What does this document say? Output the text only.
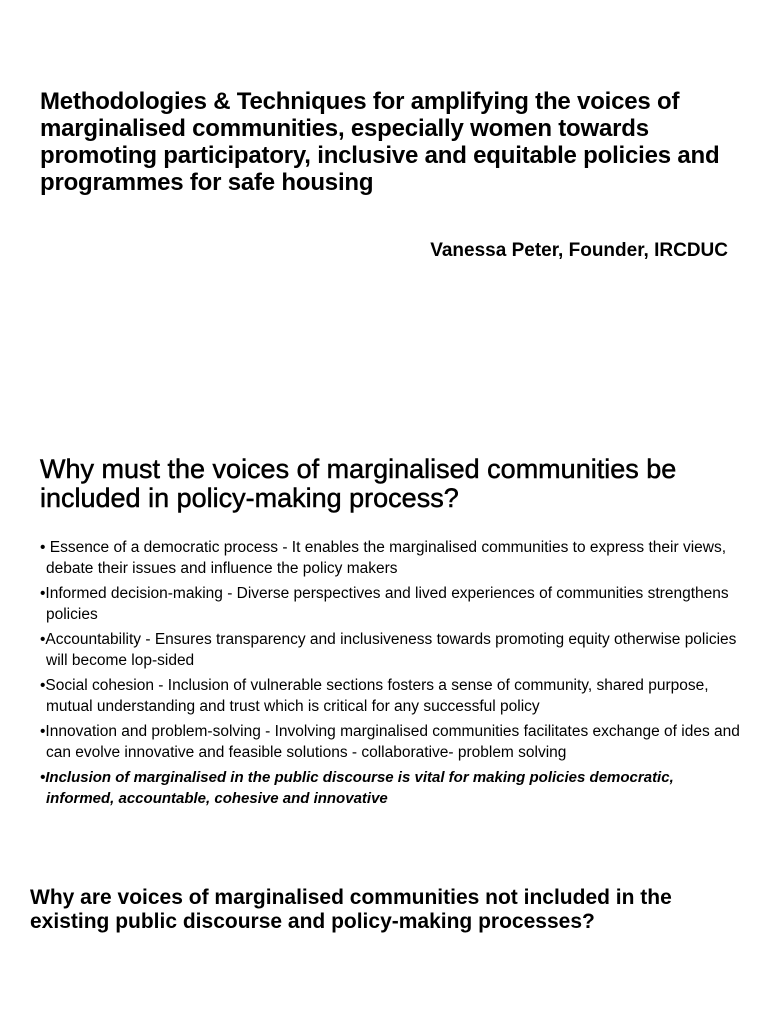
Methodologies & Techniques for amplifying the voices of marginalised communities, especially women towards promoting participatory, inclusive and equitable policies and programmes for safe housing

Vanessa Peter, Founder, IRCDUC

Why must the voices of marginalised communities be included in policy-making process?
• Essence of a democratic process - It enables the marginalised communities to express their views, debate their issues and influence the policy makers
•Informed decision-making - Diverse perspectives and lived experiences of communities strengthens policies
•Accountability - Ensures transparency and inclusiveness towards promoting equity otherwise policies will become lop-sided
•Social cohesion - Inclusion of vulnerable sections fosters a sense of community, shared purpose, mutual understanding and trust which is critical for any successful policy
•Innovation and problem-solving - Involving marginalised communities facilitates exchange of ides and can evolve innovative and feasible solutions - collaborative- problem solving
•Inclusion of marginalised in the public discourse is vital for making policies democratic, informed, accountable, cohesive and innovative
Why are voices of marginalised communities not included in the existing public discourse and policy-making processes?
